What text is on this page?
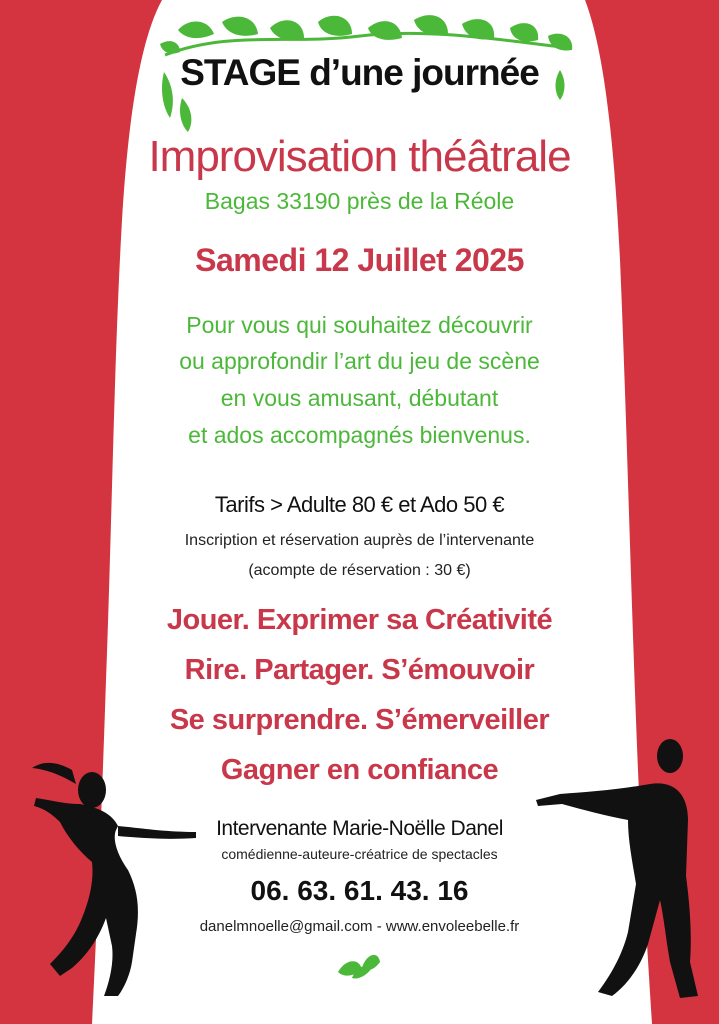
STAGE d’une journée
Improvisation théâtrale
Bagas 33190 près de la Réole
Samedi 12 Juillet 2025
Pour vous qui souhaitez découvrir
ou approfondir l’art du jeu de scène
en vous amusant, débutant
et ados accompagnés bienvenus.
Tarifs > Adulte 80 € et Ado 50 €
Inscription et réservation auprès de l’intervenante
(acompte de réservation : 30 €)
Jouer. Exprimer sa Créativité
Rire. Partager. S’émouvoir
Se surprendre. S’émerveiller
Gagner en confiance
Intervenante Marie-Noëlle Danel
comédienne-auteure-créatrice de spectacles
06. 63. 61. 43. 16
danelmnoelle@gmail.com - www.envoleebelle.fr
